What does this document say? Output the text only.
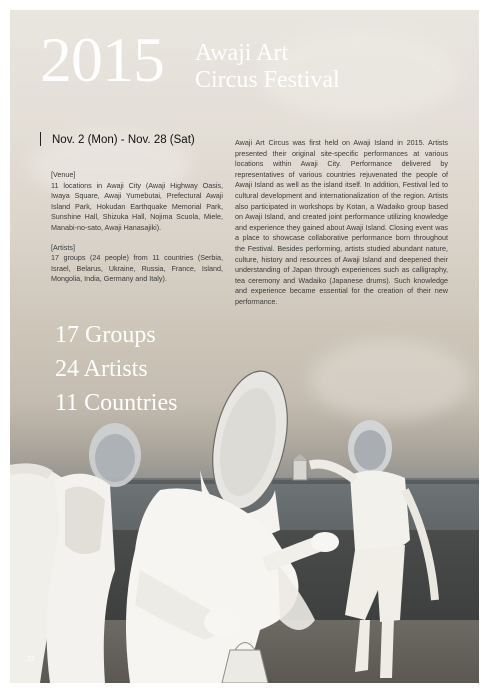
2015 Awaji Art
Circus Festival
Nov. 2 (Mon) - Nov. 28 (Sat)

[Venue]
11 locations in Awaji City (Awaji Highway Oasis, Iwaya Square, Awaji Yumebutai, Prefectural Awaji Island Park, Hokudan Earthquake Memorial Park, Sunshine Hall, Shizuka Hall, Nojima Scuola, Miele, Manabi-no-sato, Awaji Hanasajiki).

[Artists]
17 groups (24 people) from 11 countries (Serbia, Israel, Belarus, Ukraine, Russia, France, Island, Mongolia, India, Germany and Italy).

Awaji Art Circus was first held on Awaji Island in 2015. Artists presented their original site-specific performances at various locations within Awaji City. Performance delivered by representatives of various countries rejuvenated the people of Awaji Island as well as the island itself. In addition, Festival led to cultural development and internationalization of the region. Artists also participated in workshops by Kotan, a Wadaiko group based on Awaji Island, and created joint performance utilizing knowledge and experience they gained about Awaji Island. Closing event was a place to showcase collaborative performance born throughout the Festival. Besides performing, artists studied abundant nature, culture, history and resources of Awaji Island and deepened their understanding of Japan through experiences such as calligraphy, tea ceremony and Wadaiko (Japanese drums). Such knowledge and experience became essential for the creation of their new performance.

17 Groups
24 Artists
11 Countries
22
